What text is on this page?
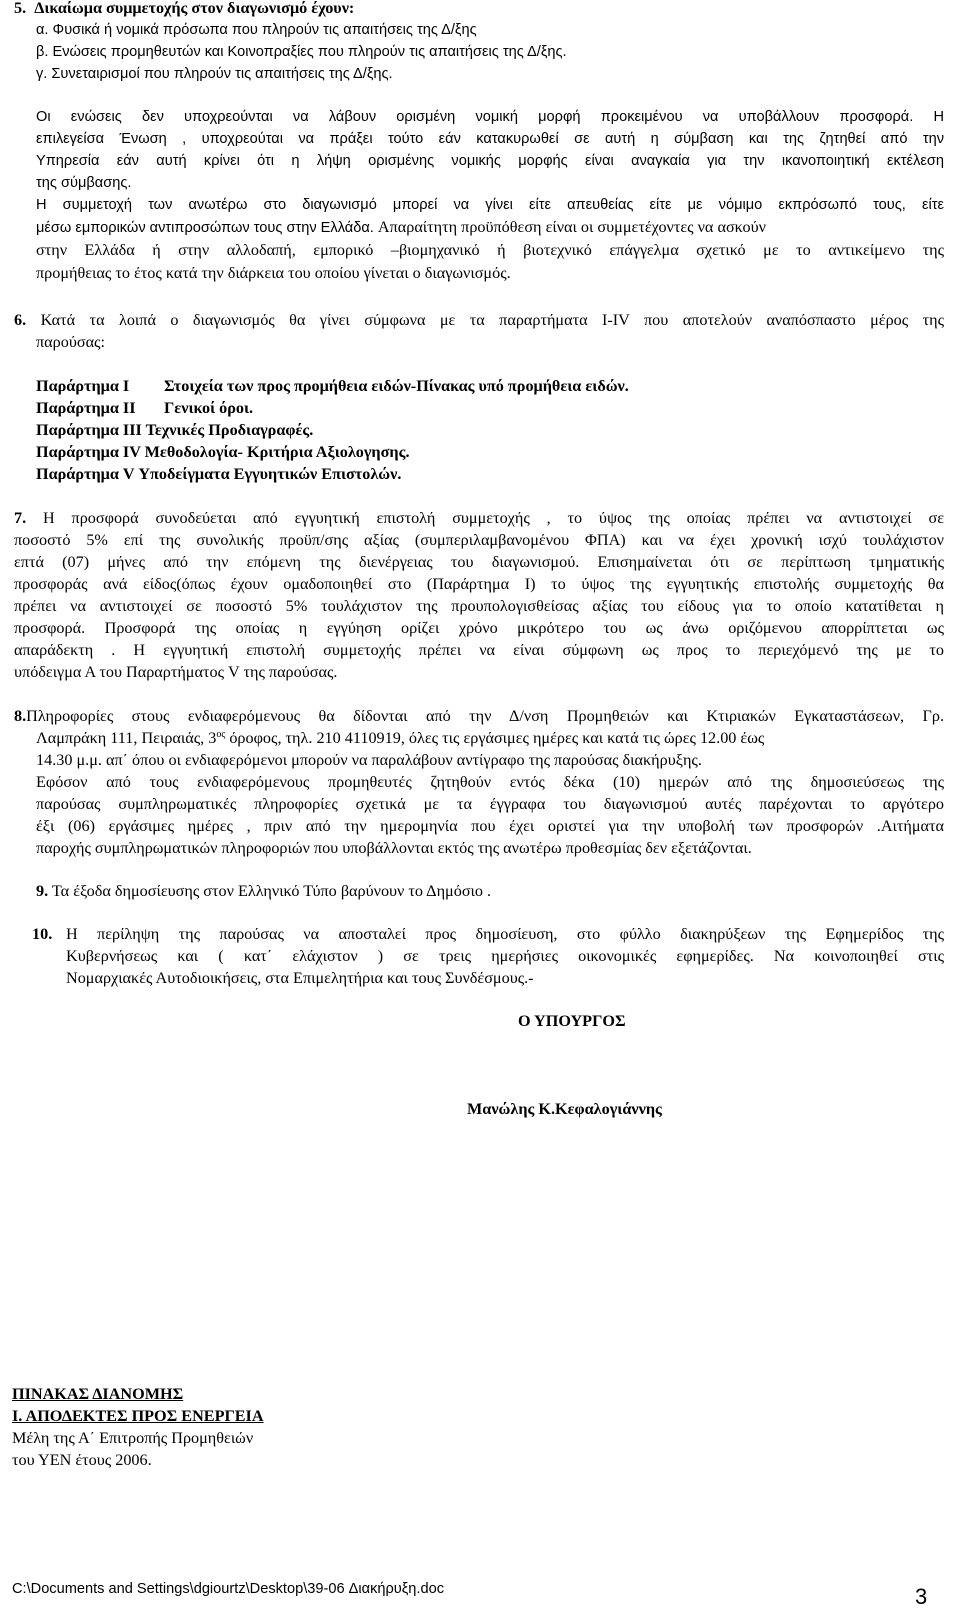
5. Δικαίωμα συμμετοχής στον διαγωνισμό έχουν:
α. Φυσικά ή νομικά πρόσωπα που πληρούν τις απαιτήσεις της Δ/ξης
β. Ενώσεις προμηθευτών και Κοινοπραξίες που πληρούν τις απαιτήσεις της Δ/ξης.
γ. Συνεταιρισμοί που πληρούν τις απαιτήσεις της Δ/ξης.
Οι ενώσεις δεν υποχρεούνται να λάβουν ορισμένη νομική μορφή προκειμένου να υποβάλλουν προσφορά. Η
επιλεγείσα Ένωση , υποχρεούται να πράξει τούτο εάν κατακυρωθεί σε αυτή η σύμβαση και της ζητηθεί από την
Υπηρεσία εάν αυτή κρίνει ότι η λήψη ορισμένης νομικής μορφής είναι αναγκαία για την ικανοποιητική εκτέλεση
της σύμβασης.
Η συμμετοχή των ανωτέρω στο διαγωνισμό μπορεί να γίνει είτε απευθείας είτε με νόμιμο εκπρόσωπό τους, είτε
μέσω εμπορικών αντιπροσώπων τους στην Ελλάδα. Απαραίτητη προϋπόθεση είναι οι συμμετέχοντες να ασκούν
στην Ελλάδα ή στην αλλοδαπή, εμπορικό –βιομηχανικό ή βιοτεχνικό επάγγελμα σχετικό με το αντικείμενο της
προμήθειας το έτος κατά την διάρκεια του οποίου γίνεται ο διαγωνισμός.
6. Κατά τα λοιπά ο διαγωνισμός θα γίνει σύμφωνα με τα παραρτήματα Ι-ΙV που αποτελούν αναπόσπαστο μέρος της
παρούσας:
Παράρτημα Ι Στοιχεία των προς προμήθεια ειδών-Πίνακας υπό προμήθεια ειδών.
Παράρτημα ΙΙ Γενικοί όροι.
Παράρτημα ΙΙΙ Τεχνικές Προδιαγραφές.
Παράρτημα ΙV Μεθοδολογία- Κριτήρια Αξιολογησης.
Παράρτημα V Υποδείγματα Εγγυητικών Επιστολών.
7. Η προσφορά συνοδεύεται από εγγυητική επιστολή συμμετοχής , το ύψος της οποίας πρέπει να αντιστοιχεί σε
ποσοστό 5% επί της συνολικής προϋπ/σης αξίας (συμπεριλαμβανομένου ΦΠΑ) και να έχει χρονική ισχύ τουλάχιστον
επτά (07) μήνες από την επόμενη της διενέργειας του διαγωνισμού. Επισημαίνεται ότι σε περίπτωση τμηματικής
προσφοράς ανά είδος(όπως έχουν ομαδοποιηθεί στο (Παράρτημα Ι) το ύψος της εγγυητικής επιστολής συμμετοχής θα
πρέπει να αντιστοιχεί σε ποσοστό 5% τουλάχιστον της προυπολογισθείσας αξίας του είδους για το οποίο κατατίθεται η
προσφορά. Προσφορά της οποίας η εγγύηση ορίζει χρόνο μικρότερο του ως άνω οριζόμενου απορρίπτεται ως
απαράδεκτη . Η εγγυητική επιστολή συμμετοχής πρέπει να είναι σύμφωνη ως προς το περιεχόμενό της με το
υπόδειγμα Α του Παραρτήματος V της παρούσας.
8.Πληροφορίες στους ενδιαφερόμενους θα δίδονται από την Δ/νση Προμηθειών και Κτιριακών Εγκαταστάσεων, Γρ.
Λαμπράκη 111, Πειραιάς, $3^{o\varsigma}$ όροφος, τηλ. 210 4110919, όλες τις εργάσιμες ημέρες και κατά τις ώρες 12.00 έως
14.30 μ.μ. απ΄ όπου οι ενδιαφερόμενοι μπορούν να παραλάβουν αντίγραφο της παρούσας διακήρυξης.
Εφόσον από τους ενδιαφερόμενους προμηθευτές ζητηθούν εντός δέκα (10) ημερών από της δημοσιεύσεως της
παρούσας συμπληρωματικές πληροφορίες σχετικά με τα έγγραφα του διαγωνισμού αυτές παρέχονται το αργότερο
έξι (06) εργάσιμες ημέρες , πριν από την ημερομηνία που έχει οριστεί για την υποβολή των προσφορών .Αιτήματα
παροχής συμπληρωματικών πληροφοριών που υποβάλλονται εκτός της ανωτέρω προθεσμίας δεν εξετάζονται.
9. Τα έξοδα δημοσίευσης στον Ελληνικό Τύπο βαρύνουν το Δημόσιο .
10. Η περίληψη της παρούσας να αποσταλεί προς δημοσίευση, στο φύλλο διακηρύξεων της Εφημερίδος της
Κυβερνήσεως και ( κατ΄ ελάχιστον ) σε τρεις ημερήσιες οικονομικές εφημερίδες. Να κοινοποιηθεί στις
Νομαρχιακές Αυτοδιοικήσεις, στα Επιμελητήρια και τους Συνδέσμους.-
Ο ΥΠΟΥΡΓΟΣ
Μανώλης Κ.Κεφαλογιάννης
ΠΙΝΑΚΑΣ ΔΙΑΝΟΜΗΣ
Ι. ΑΠΟΔΕΚΤΕΣ ΠΡΟΣ ΕΝΕΡΓΕΙΑ
Μέλη της Α΄ Επιτροπής Προμηθειών
του ΥΕΝ έτους 2006.
C:\Documents and Settings\dgiourtz\Desktop\39-06 Διακήρυξη.doc	3
